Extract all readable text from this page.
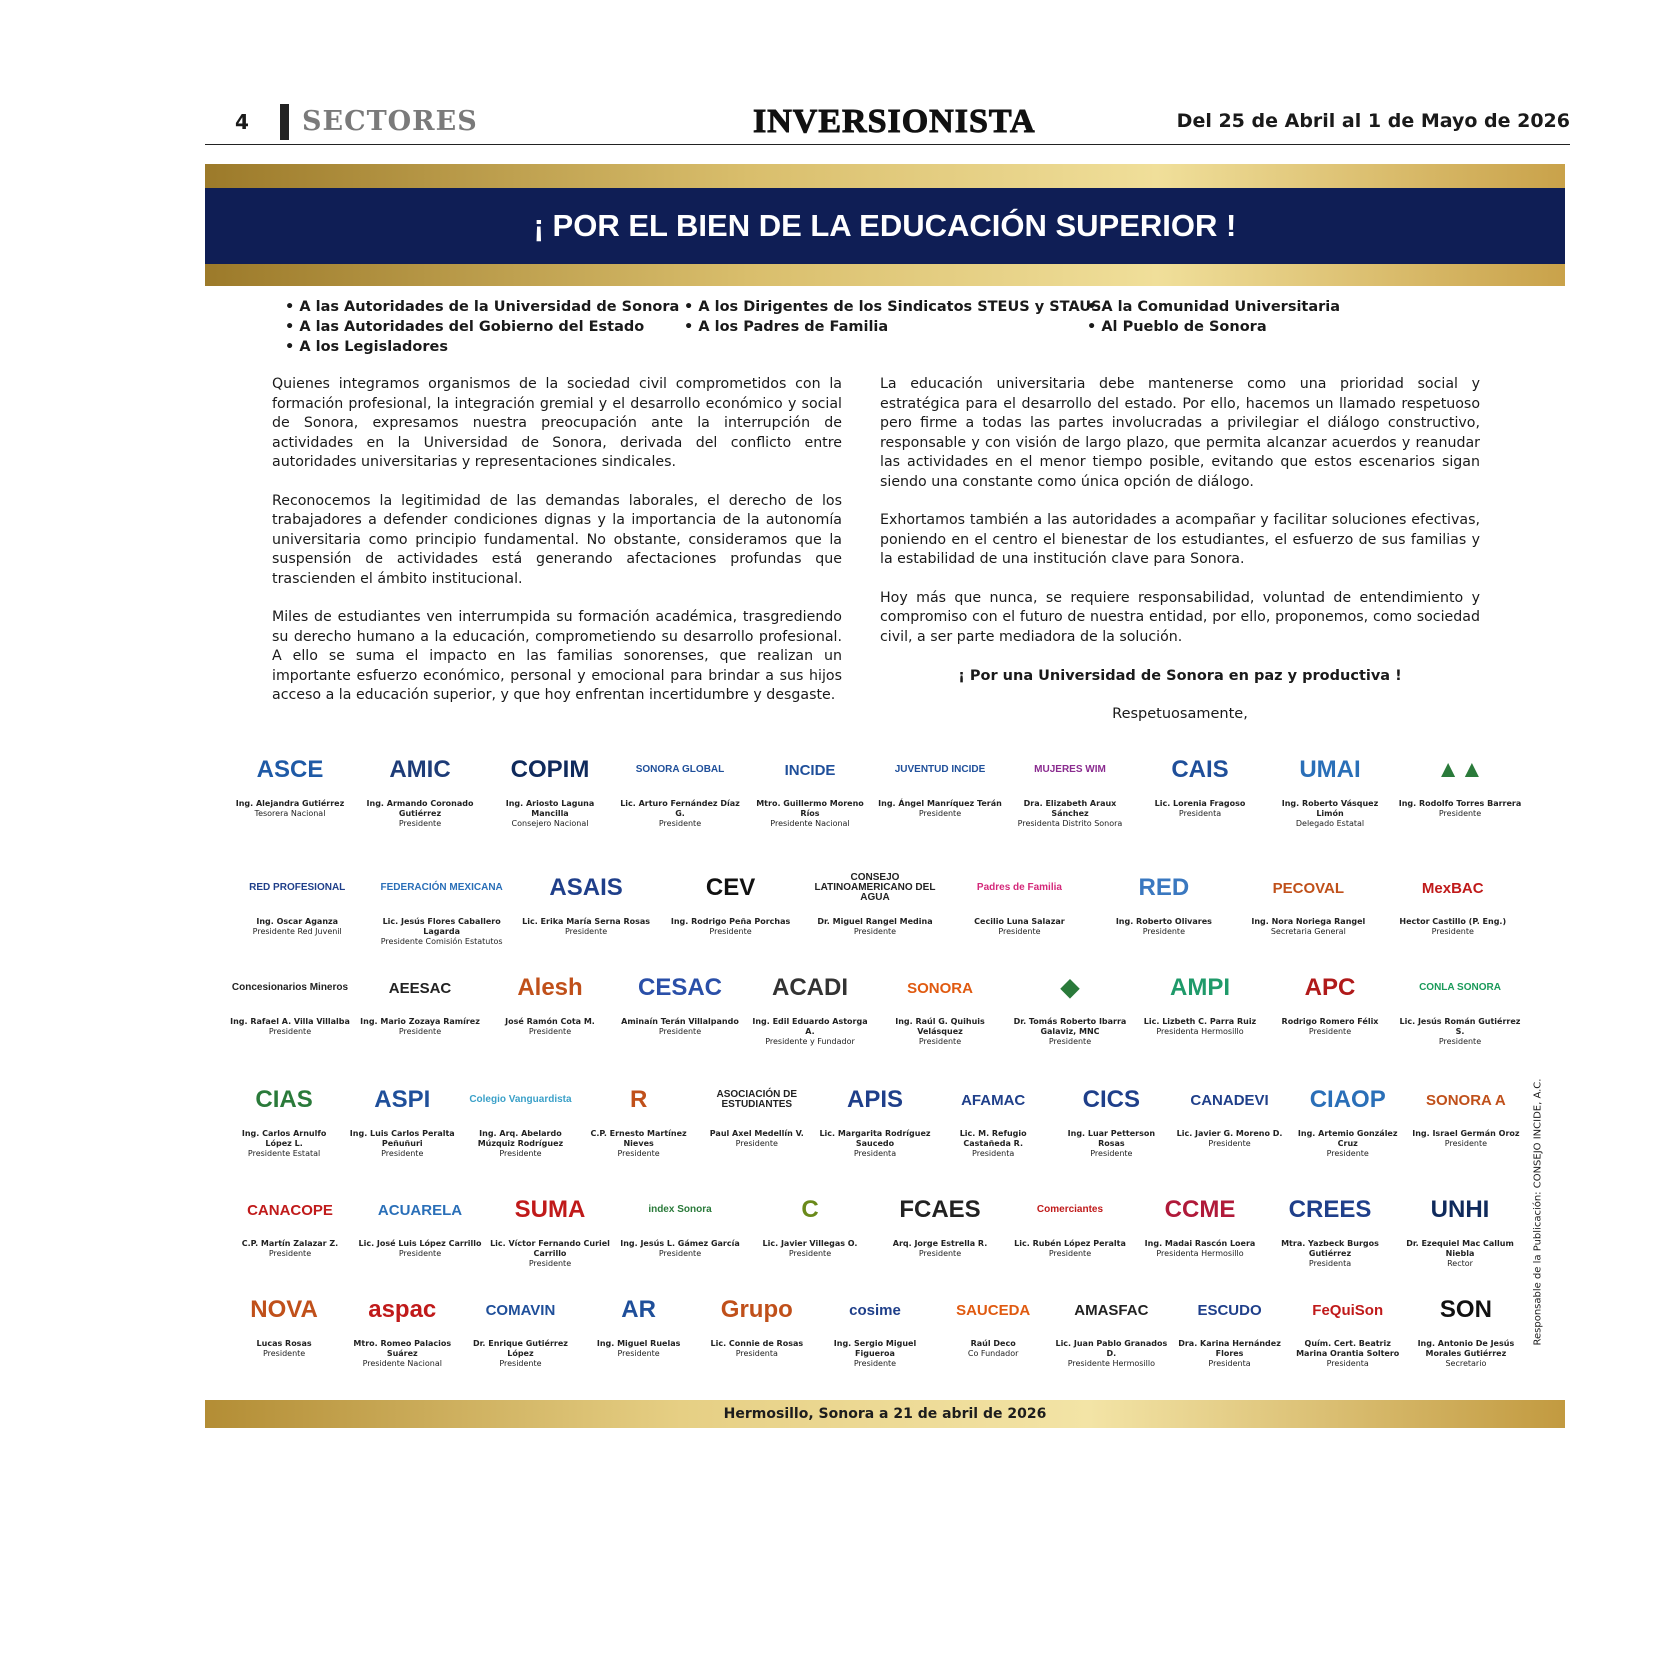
4 SECTORES	INVERSIONISTA	Del 25 de Abril al 1 de Mayo de 2026
¡ POR EL BIEN DE LA EDUCACIÓN SUPERIOR !
• A las Autoridades de la Universidad de Sonora
• A las Autoridades del Gobierno del Estado
• A los Legisladores
• A los Dirigentes de los Sindicatos STEUS y STAUS
• A los Padres de Familia
• A la Comunidad Universitaria
• Al Pueblo de Sonora

Quienes integramos organismos de la sociedad civil comprometidos con la formación profesional, la integración gremial y el desarrollo económico y social de Sonora, expresamos nuestra preocupación ante la interrupción de actividades en la Universidad de Sonora, derivada del conflicto entre autoridades universitarias y representaciones sindicales.

Reconocemos la legitimidad de las demandas laborales, el derecho de los trabajadores a defender condiciones dignas y la importancia de la autonomía universitaria como principio fundamental. No obstante, consideramos que la suspensión de actividades está generando afectaciones profundas que trascienden el ámbito institucional.

Miles de estudiantes ven interrumpida su formación académica, trasgrediendo su derecho humano a la educación, comprometiendo su desarrollo profesional. A ello se suma el impacto en las familias sonorenses, que realizan un importante esfuerzo económico, personal y emocional para brindar a sus hijos acceso a la educación superior, y que hoy enfrentan incertidumbre y desgaste.

La educación universitaria debe mantenerse como una prioridad social y estratégica para el desarrollo del estado. Por ello, hacemos un llamado respetuoso pero firme a todas las partes involucradas a privilegiar el diálogo constructivo, responsable y con visión de largo plazo, que permita alcanzar acuerdos y reanudar las actividades en el menor tiempo posible, evitando que estos escenarios sigan siendo una constante como única opción de diálogo.

Exhortamos también a las autoridades a acompañar y facilitar soluciones efectivas, poniendo en el centro el bienestar de los estudiantes, el esfuerzo de sus familias y la estabilidad de una institución clave para Sonora.

Hoy más que nunca, se requiere responsabilidad, voluntad de entendimiento y compromiso con el futuro de nuestra entidad, por ello, proponemos, como sociedad civil, a ser parte mediadora de la solución.

¡ Por una Universidad de Sonora en paz y productiva !
Respetuosamente,
ASCE
Ing. Alejandra Gutiérrez
Tesorera Nacional
AMIC
Ing. Armando Coronado Gutiérrez
Presidente
COPIM
Ing. Ariosto Laguna Mancilla
Consejero Nacional
SONORA GLOBAL
Lic. Arturo Fernández Díaz G.
Presidente
INCIDE
Mtro. Guillermo Moreno Ríos
Presidente Nacional
JUVENTUD INCIDE
Ing. Ángel Manríquez Terán
Presidente
MUJERES WIM
Dra. Elizabeth Araux Sánchez
Presidenta Distrito Sonora
CAIS
Lic. Lorenia Fragoso
Presidenta
UMAI
Ing. Roberto Vásquez Limón
Delegado Estatal
▲▲
Ing. Rodolfo Torres Barrera
Presidente
RED PROFESIONAL
Ing. Oscar Aganza
Presidente Red Juvenil
FEDERACIÓN MEXICANA
Lic. Jesús Flores Caballero Lagarda
Presidente Comisión Estatutos
ASAIS
Lic. Erika María Serna Rosas
Presidente
CEV
Ing. Rodrigo Peña Porchas
Presidente
CONSEJO LATINOAMERICANO DEL AGUA
Dr. Miguel Rangel Medina
Presidente
Padres de Familia
Cecilio Luna Salazar
Presidente
RED
Ing. Roberto Olivares
Presidente
PECOVAL
Ing. Nora Noriega Rangel
Secretaria General
MexBAC
Hector Castillo (P. Eng.)
Presidente
Concesionarios Mineros
Ing. Rafael A. Villa Villalba
Presidente
AEESAC
Ing. Mario Zozaya Ramírez
Presidente
Alesh
José Ramón Cota M.
Presidente
CESAC
Aminaín Terán Villalpando
Presidente
ACADI
Ing. Edil Eduardo Astorga A.
Presidente y Fundador
SONORA
Ing. Raúl G. Quihuis Velásquez
Presidente
◆
Dr. Tomás Roberto Ibarra Galaviz, MNC
Presidente
AMPI
Lic. Lizbeth C. Parra Ruiz
Presidenta Hermosillo
APC
Rodrigo Romero Félix
Presidente
CONLA SONORA
Lic. Jesús Román Gutiérrez S.
Presidente
CIAS
Ing. Carlos Arnulfo López L.
Presidente Estatal
ASPI
Ing. Luis Carlos Peralta Peñuñuri
Presidente
Colegio Vanguardista
Ing. Arq. Abelardo Múzquiz Rodríguez
Presidente
R
C.P. Ernesto Martínez Nieves
Presidente
ASOCIACIÓN DE ESTUDIANTES
Paul Axel Medellín V.
Presidente
APIS
Lic. Margarita Rodríguez Saucedo
Presidenta
AFAMAC
Lic. M. Refugio Castañeda R.
Presidenta
CICS
Ing. Luar Petterson Rosas
Presidente
CANADEVI
Lic. Javier G. Moreno D.
Presidente
CIAOP
Ing. Artemio González Cruz
Presidente
SONORA A
Ing. Israel Germán Oroz
Presidente
CANACOPE
C.P. Martín Zalazar Z.
Presidente
ACUARELA
Lic. José Luis López Carrillo
Presidente
SUMA
Lic. Víctor Fernando Curiel Carrillo
Presidente
index Sonora
Ing. Jesús L. Gámez García
Presidente
C
Lic. Javier Villegas O.
Presidente
FCAES
Arq. Jorge Estrella R.
Presidente
Comerciantes
Lic. Rubén López Peralta
Presidente
CCME
Ing. Madai Rascón Loera
Presidenta Hermosillo
CREES
Mtra. Yazbeck Burgos Gutiérrez
Presidenta
UNHI
Dr. Ezequiel Mac Callum Niebla
Rector
NOVA
Lucas Rosas
Presidente
aspac
Mtro. Romeo Palacios Suárez
Presidente Nacional
COMAVIN
Dr. Enrique Gutiérrez López
Presidente
AR
Ing. Miguel Ruelas
Presidente
Grupo
Lic. Connie de Rosas
Presidenta
cosime
Ing. Sergio Miguel Figueroa
Presidente
SAUCEDA
Raúl Deco
Co Fundador
AMASFAC
Lic. Juan Pablo Granados D.
Presidente Hermosillo
ESCUDO
Dra. Karina Hernández Flores
Presidenta
FeQuiSon
Quím. Cert. Beatriz Marina Orantia Soltero
Presidenta
SON
Ing. Antonio De Jesús Morales Gutiérrez
Secretario
Responsable de la Publicación: CONSEJO INCIDE, A.C.
Hermosillo, Sonora a 21 de abril de 2026
